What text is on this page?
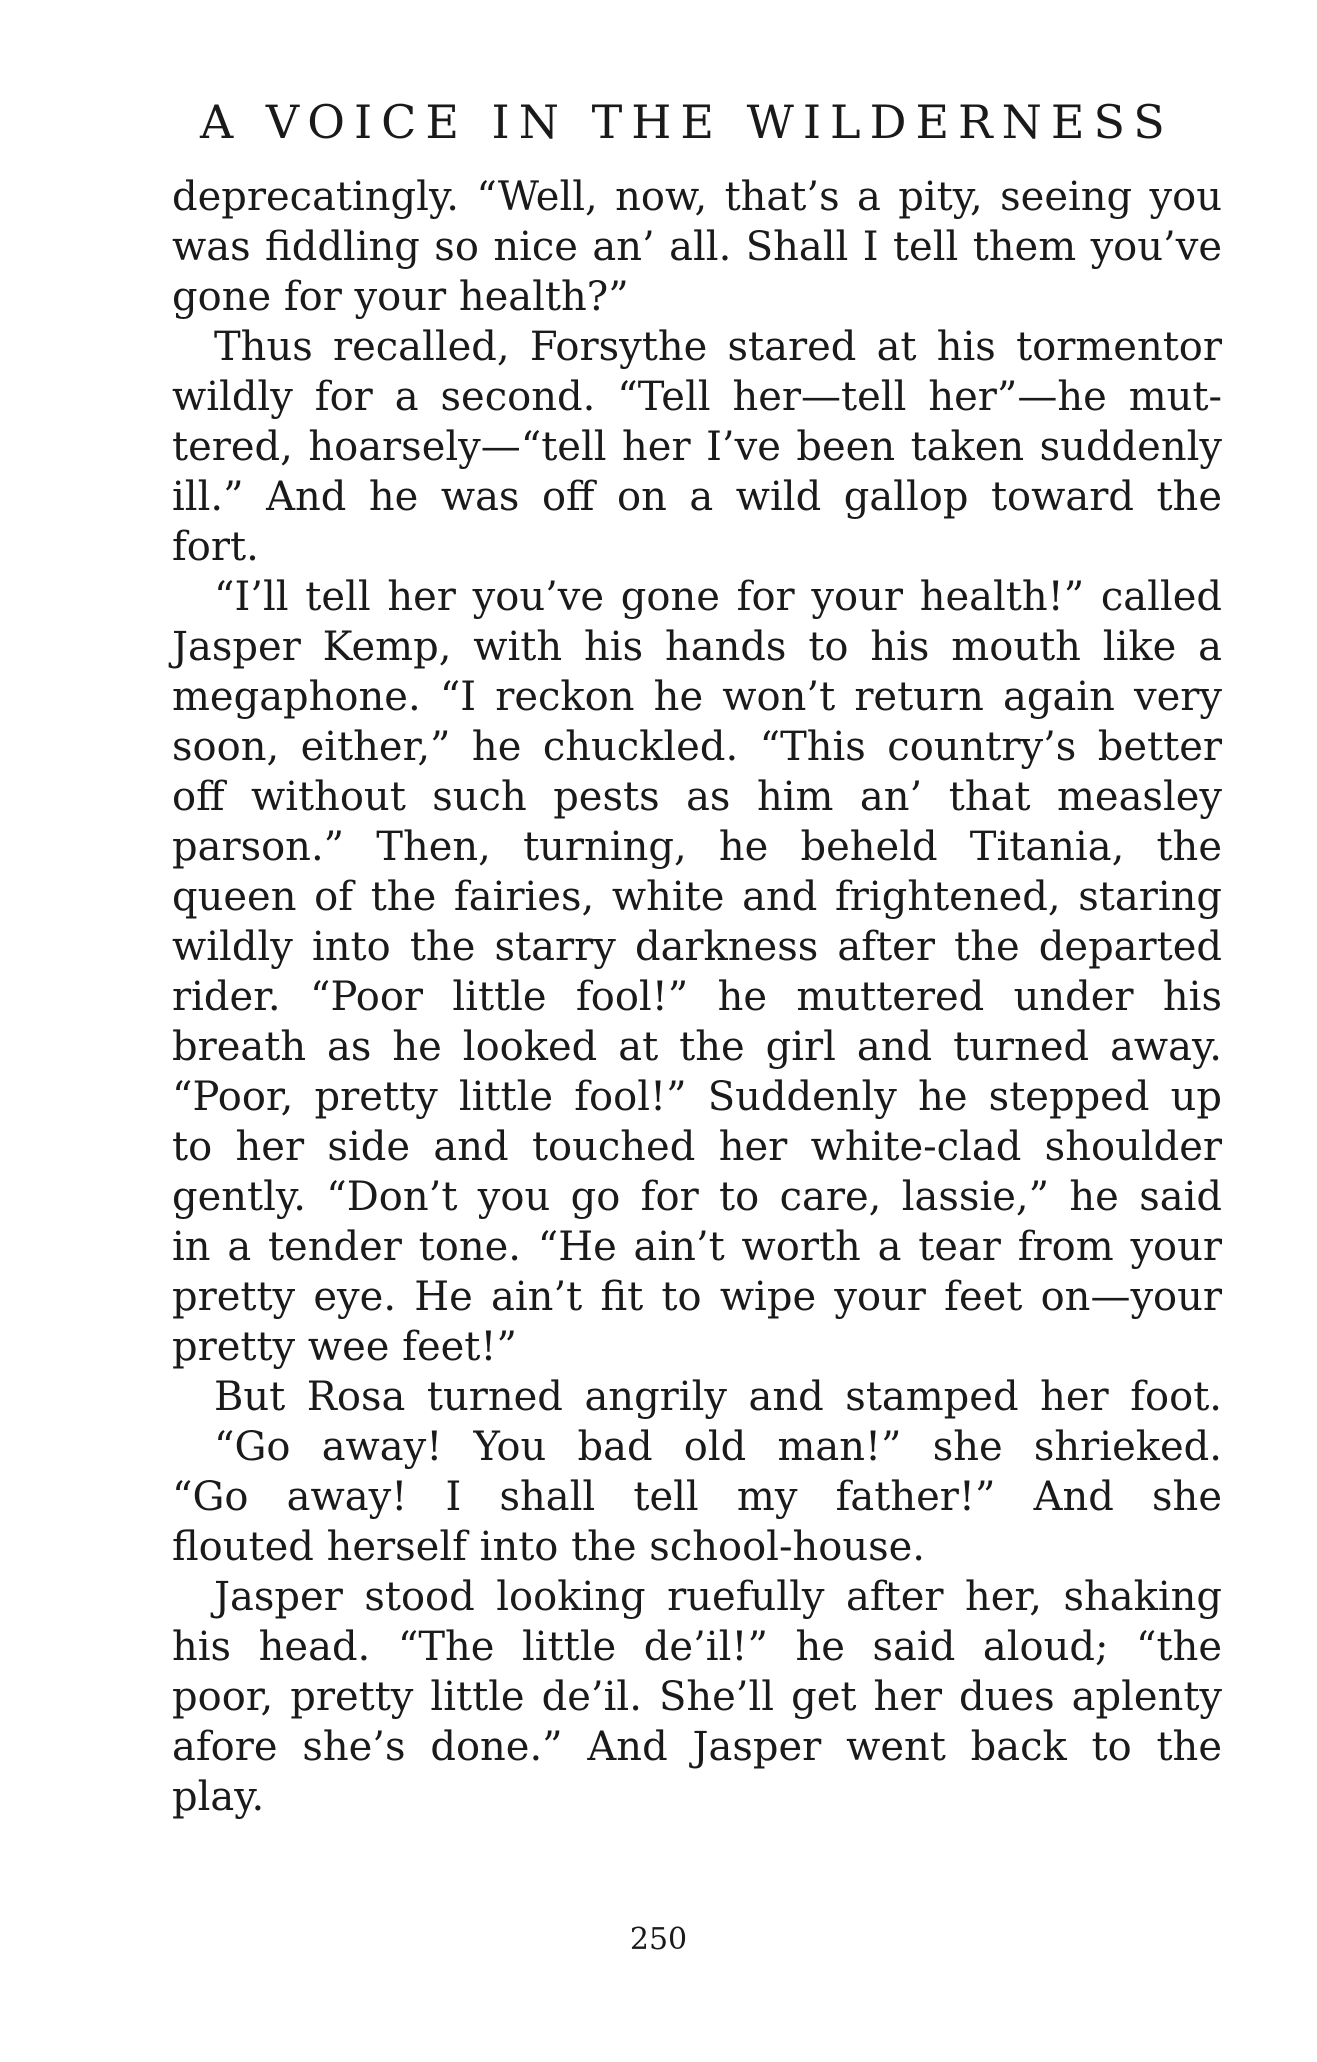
A VOICE IN THE WILDERNESS
deprecatingly. “Well, now, that’s a pity, seeing you
was fiddling so nice an’ all. Shall I tell them you’ve
gone for your health?”
Thus recalled, Forsythe stared at his tormentor
wildly for a second. “Tell her—tell her”—he mut-
tered, hoarsely—“tell her I’ve been taken suddenly
ill.” And he was off on a wild gallop toward the
fort.
“I’ll tell her you’ve gone for your health!” called
Jasper Kemp, with his hands to his mouth like a
megaphone. “I reckon he won’t return again very
soon, either,” he chuckled. “This country’s better
off without such pests as him an’ that measley
parson.” Then, turning, he beheld Titania, the
queen of the fairies, white and frightened, staring
wildly into the starry darkness after the departed
rider. “Poor little fool!” he muttered under his
breath as he looked at the girl and turned away.
“Poor, pretty little fool!” Suddenly he stepped up
to her side and touched her white-clad shoulder
gently. “Don’t you go for to care, lassie,” he said
in a tender tone. “He ain’t worth a tear from your
pretty eye. He ain’t fit to wipe your feet on—your
pretty wee feet!”
But Rosa turned angrily and stamped her foot.
“Go away! You bad old man!” she shrieked.
“Go away! I shall tell my father!” And she
flouted herself into the school-house.
Jasper stood looking ruefully after her, shaking
his head. “The little de’il!” he said aloud; “the
poor, pretty little de’il. She’ll get her dues aplenty
afore she’s done.” And Jasper went back to the
play.
250
